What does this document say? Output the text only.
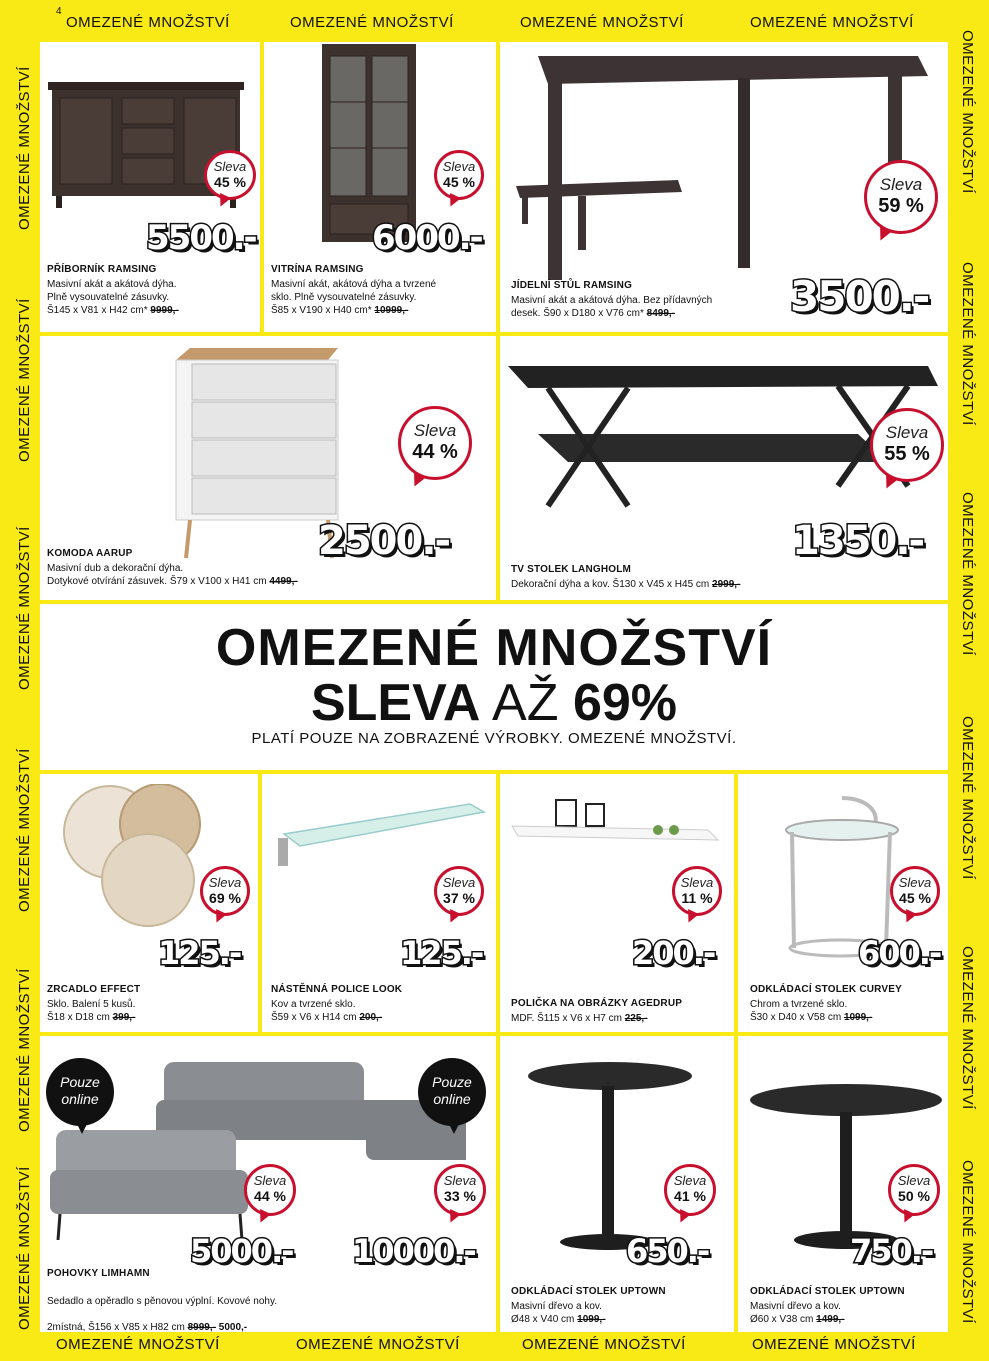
4
OMEZENÉ MNOŽSTVÍ	OMEZENÉ MNOŽSTVÍ	OMEZENÉ MNOŽSTVÍ	OMEZENÉ MNOŽSTVÍ
OMEZENÉ MNOŽSTVÍ	OMEZENÉ MNOŽSTVÍ	OMEZENÉ MNOŽSTVÍ	OMEZENÉ MNOŽSTVÍ
OMEZENÉ MNOŽSTVÍ
OMEZENÉ MNOŽSTVÍ
OMEZENÉ MNOŽSTVÍ
OMEZENÉ MNOŽSTVÍ
OMEZENÉ MNOŽSTVÍ
OMEZENÉ MNOŽSTVÍ
OMEZENÉ MNOŽSTVÍ
OMEZENÉ MNOŽSTVÍ
OMEZENÉ MNOŽSTVÍ
OMEZENÉ MNOŽSTVÍ
OMEZENÉ MNOŽSTVÍ
OMEZENÉ MNOŽSTVÍ
Sleva
45 %
5500.-
PŘÍBORNÍK RAMSING
Masivní akát a akátová dýha.
Plně vysouvatelné zásuvky.
Š145 x V81 x H42 cm* 9999,-
Sleva
45 %
6000.-
VITRÍNA RAMSING
Masivní akát, akátová dýha a tvrzené
sklo. Plně vysouvatelné zásuvky.
Š85 x V190 x H40 cm* 10999,-
Sleva
59 %
JÍDELNÍ STŮL RAMSING
Masivní akát a akátová dýha. Bez přídavných
desek. Š90 x D180 x V76 cm* 8499,-	3500.-
Sleva
44 %
2500.-
KOMODA AARUP
Masivní dub a dekorační dýha.
Dotykové otvírání zásuvek. Š79 x V100 x H41 cm 4499,-
Sleva
55 %
1350.-
TV STOLEK LANGHOLM
Dekorační dýha a kov. Š130 x V45 x H45 cm 2999,-
OMEZENÉ MNOŽSTVÍ
SLEVA AŽ 69%
PLATÍ POUZE NA ZOBRAZENÉ VÝROBKY. OMEZENÉ MNOŽSTVÍ.
Sleva
69 %
125.-
ZRCADLO EFFECT
Sklo. Balení 5 kusů.
Š18 x D18 cm 399,-
Sleva
37 %
125.-
NÁSTĚNNÁ POLICE LOOK
Kov a tvrzené sklo.
Š59 x V6 x H14 cm 200,-
Sleva
11 %
200.-
POLIČKA NA OBRÁZKY AGEDRUP
MDF. Š115 x V6 x H7 cm 225,-
Sleva
45 %
600.-
ODKLÁDACÍ STOLEK CURVEY
Chrom a tvrzené sklo.
Š30 x D40 x V58 cm 1099,-
Pouze
online
Pouze
online
Sleva
44 %
Sleva
33 %
5000.- 10000.-
POHOVKY LIMHAMN

Sedadlo a opěradlo s pěnovou výplní. Kovové nohy.

2místná, Š156 x V85 x H82 cm 8999,- 5000,-

Sleva
41 %
650.-
ODKLÁDACÍ STOLEK UPTOWN
Masivní dřevo a kov.
Ø48 x V40 cm 1099,-
Sleva
50 %
750.-
ODKLÁDACÍ STOLEK UPTOWN
Masivní dřevo a kov.
Ø60 x V38 cm 1499,-
